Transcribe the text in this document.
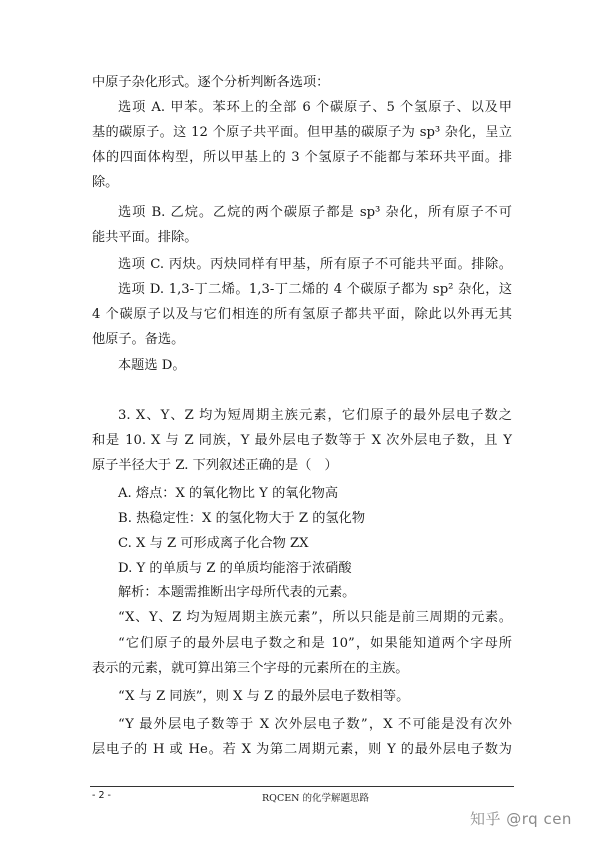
中原子杂化形式。逐个分析判断各选项：
选项 A. 甲苯。苯环上的全部 6 个碳原子、5 个氢原子、以及甲
基的碳原子。这 12 个原子共平面。但甲基的碳原子为 sp³ 杂化，呈立
体的四面体构型，所以甲基上的 3 个氢原子不能都与苯环共平面。排
除。
选项 B. 乙烷。乙烷的两个碳原子都是 sp³ 杂化，所有原子不可
能共平面。排除。
选项 C. 丙炔。丙炔同样有甲基，所有原子不可能共平面。排除。
选项 D. 1,3-丁二烯。1,3-丁二烯的 4 个碳原子都为 sp² 杂化，这
4 个碳原子以及与它们相连的所有氢原子都共平面，除此以外再无其
他原子。备选。
本题选 D。
3. X、Y、Z 均为短周期主族元素，它们原子的最外层电子数之
和是 10. X 与 Z 同族，Y 最外层电子数等于 X 次外层电子数，且 Y
原子半径大于 Z. 下列叙述正确的是（　）
A. 熔点：X 的氧化物比 Y 的氧化物高
B. 热稳定性：X 的氢化物大于 Z 的氢化物
C. X 与 Z 可形成离子化合物 ZX
D. Y 的单质与 Z 的单质均能溶于浓硝酸
解析：本题需推断出字母所代表的元素。
“X、Y、Z 均为短周期主族元素”，所以只能是前三周期的元素。
“它们原子的最外层电子数之和是 10”，如果能知道两个字母所
表示的元素，就可算出第三个字母的元素所在的主族。
“X 与 Z 同族”，则 X 与 Z 的最外层电子数相等。
“Y 最外层电子数等于 X 次外层电子数”，X 不可能是没有次外
层电子的 H 或 He。若 X 为第二周期元素，则 Y 的最外层电子数为
- 2 -	RQCEN 的化学解题思路
知乎 @rq cen
